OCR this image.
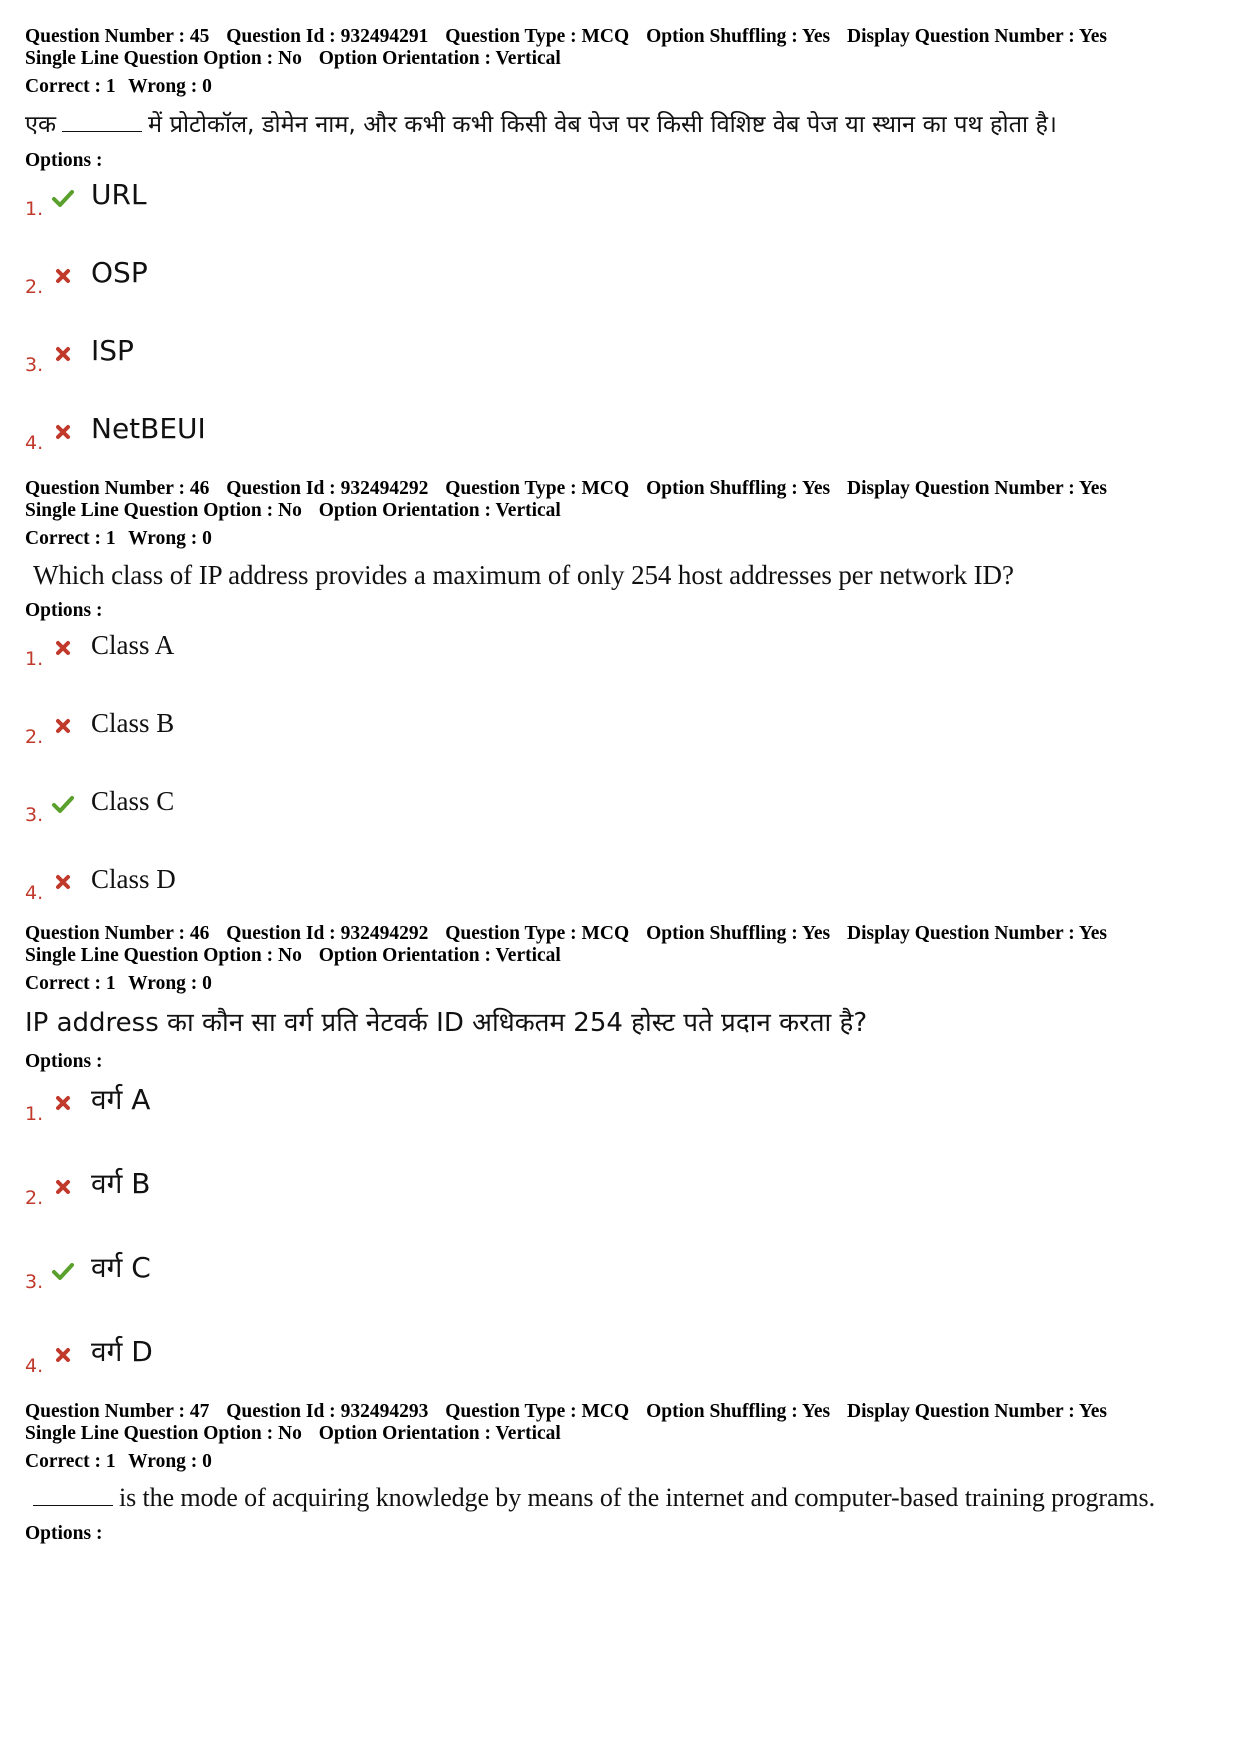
Question Number : 45 Question Id : 932494291 Question Type : MCQ Option Shuffling : Yes Display Question Number : Yes
Single Line Question Option : No Option Orientation : Vertical
Correct : 1 Wrong : 0
एक	में प्रोटोकॉल, डोमेन नाम, और कभी कभी किसी वेब पेज पर किसी विशिष्ट वेब पेज या स्थान का पथ होता है।
Options :
1. URL
2. OSP
3. ISP
4. NetBEUI
Question Number : 46 Question Id : 932494292 Question Type : MCQ Option Shuffling : Yes Display Question Number : Yes
Single Line Question Option : No Option Orientation : Vertical
Correct : 1 Wrong : 0
Which class of IP address provides a maximum of only 254 host addresses per network ID?
Options :
1. Class A
2. Class B
3. Class C
4. Class D
Question Number : 46 Question Id : 932494292 Question Type : MCQ Option Shuffling : Yes Display Question Number : Yes
Single Line Question Option : No Option Orientation : Vertical
Correct : 1 Wrong : 0
IP address का कौन सा वर्ग प्रति नेटवर्क ID अधिकतम 254 होस्ट पते प्रदान करता है?
Options :
1. वर्ग A
2. वर्ग B
3. वर्ग C
4. वर्ग D
Question Number : 47 Question Id : 932494293 Question Type : MCQ Option Shuffling : Yes Display Question Number : Yes
Single Line Question Option : No Option Orientation : Vertical
Correct : 1 Wrong : 0
is the mode of acquiring knowledge by means of the internet and computer-based training programs.
Options :
